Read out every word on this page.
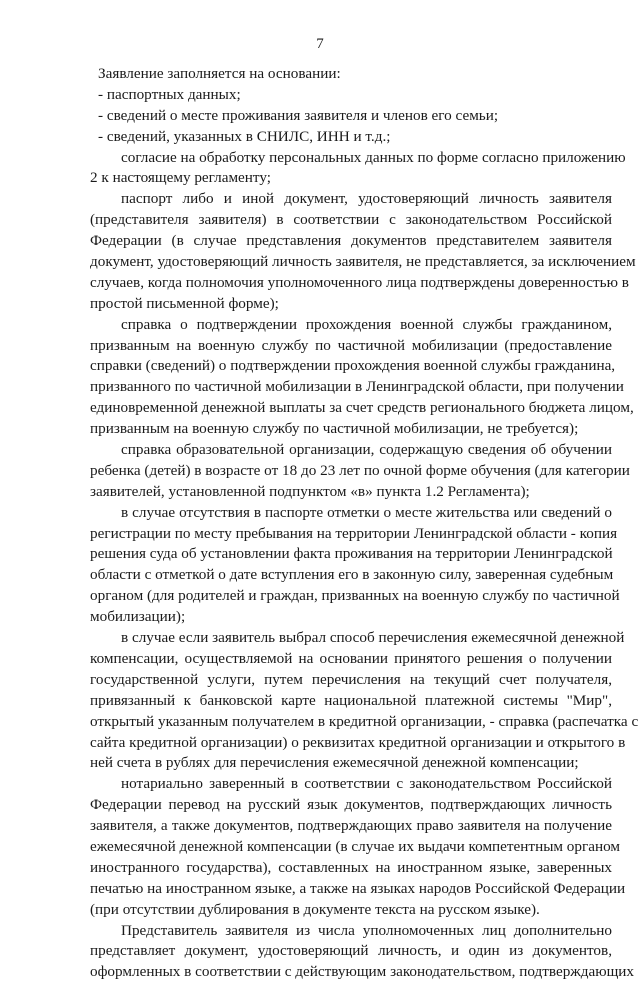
7
Заявление заполняется на основании:
- паспортных данных;
- сведений о месте проживания заявителя и членов его семьи;
- сведений, указанных в СНИЛС, ИНН и т.д.;
согласие на обработку персональных данных по форме согласно приложению
2 к настоящему регламенту;
паспорт либо и иной документ, удостоверяющий личность заявителя
(представителя заявителя) в соответствии с законодательством Российской
Федерации (в случае представления документов представителем заявителя
документ, удостоверяющий личность заявителя, не представляется, за исключением
случаев, когда полномочия уполномоченного лица подтверждены доверенностью в
простой письменной форме);
справка о подтверждении прохождения военной службы гражданином,
призванным на военную службу по частичной мобилизации (предоставление
справки (сведений) о подтверждении прохождения военной службы гражданина,
призванного по частичной мобилизации в Ленинградской области, при получении
единовременной денежной выплаты за счет средств регионального бюджета лицом,
призванным на военную службу по частичной мобилизации, не требуется);
справка образовательной организации, содержащую сведения об обучении
ребенка (детей) в возрасте от 18 до 23 лет по очной форме обучения (для категории
заявителей, установленной подпунктом «в» пункта 1.2 Регламента);
в случае отсутствия в паспорте отметки о месте жительства или сведений о
регистрации по месту пребывания на территории Ленинградской области - копия
решения суда об установлении факта проживания на территории Ленинградской
области с отметкой о дате вступления его в законную силу, заверенная судебным
органом (для родителей и граждан, призванных на военную службу по частичной
мобилизации);
в случае если заявитель выбрал способ перечисления ежемесячной денежной
компенсации, осуществляемой на основании принятого решения о получении
государственной услуги, путем перечисления на текущий счет получателя,
привязанный к банковской карте национальной платежной системы "Мир",
открытый указанным получателем в кредитной организации, - справка (распечатка с
сайта кредитной организации) о реквизитах кредитной организации и открытого в
ней счета в рублях для перечисления ежемесячной денежной компенсации;
нотариально заверенный в соответствии с законодательством Российской
Федерации перевод на русский язык документов, подтверждающих личность
заявителя, а также документов, подтверждающих право заявителя на получение
ежемесячной денежной компенсации (в случае их выдачи компетентным органом
иностранного государства), составленных на иностранном языке, заверенных
печатью на иностранном языке, а также на языках народов Российской Федерации
(при отсутствии дублирования в документе текста на русском языке).
Представитель заявителя из числа уполномоченных лиц дополнительно
представляет документ, удостоверяющий личность, и один из документов,
оформленных в соответствии с действующим законодательством, подтверждающих
